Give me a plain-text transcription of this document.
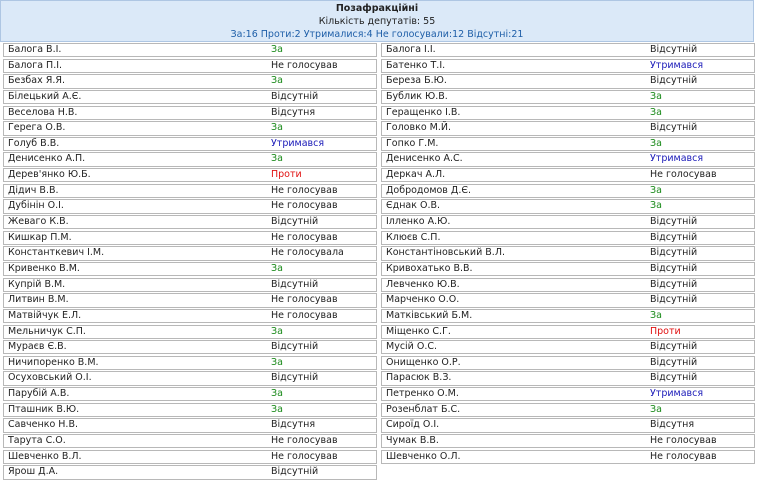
Позафракційні
Кількість депутатів: 55
За:16 Проти:2 Утрималися:4 Не голосували:12 Відсутні:21
Балога В.І.	За
Балога П.І.	Не голосував
Безбах Я.Я.	За
Білецький А.Є.	Відсутній
Веселова Н.В.	Відсутня
Герега О.В.	За
Голуб В.В.	Утримався
Денисенко А.П.	За
Дерев'янко Ю.Б.	Проти
Дідич В.В.	Не голосував
Дубінін О.І.	Не голосував
Жеваго К.В.	Відсутній
Кишкар П.М.	Не голосував
Константкевич І.М.	Не голосувала
Кривенко В.М.	За
Купрій В.М.	Відсутній
Литвин В.М.	Не голосував
Матвійчук Е.Л.	Не голосував
Мельничук С.П.	За
Мураєв Є.В.	Відсутній
Ничипоренко В.М.	За
Осуховський О.І.	Відсутній
Парубій А.В.	За
Пташник В.Ю.	За
Савченко Н.В.	Відсутня
Тарута С.О.	Не голосував
Шевченко В.Л.	Не голосував
Ярош Д.А.	Відсутній
Балога І.І.	Відсутній
Батенко Т.І.	Утримався
Береза Б.Ю.	Відсутній
Бублик Ю.В.	За
Геращенко І.В.	За
Головко М.Й.	Відсутній
Гопко Г.М.	За
Денисенко А.С.	Утримався
Деркач А.Л.	Не голосував
Добродомов Д.Є.	За
Єднак О.В.	За
Ілленко А.Ю.	Відсутній
Клюєв С.П.	Відсутній
Константіновський В.Л.	Відсутній
Кривохатько В.В.	Відсутній
Левченко Ю.В.	Відсутній
Марченко О.О.	Відсутній
Матківський Б.М.	За
Міщенко С.Г.	Проти
Мусій О.С.	Відсутній
Онищенко О.Р.	Відсутній
Парасюк В.З.	Відсутній
Петренко О.М.	Утримався
Розенблат Б.С.	За
Сироїд О.І.	Відсутня
Чумак В.В.	Не голосував
Шевченко О.Л.	Не голосував
